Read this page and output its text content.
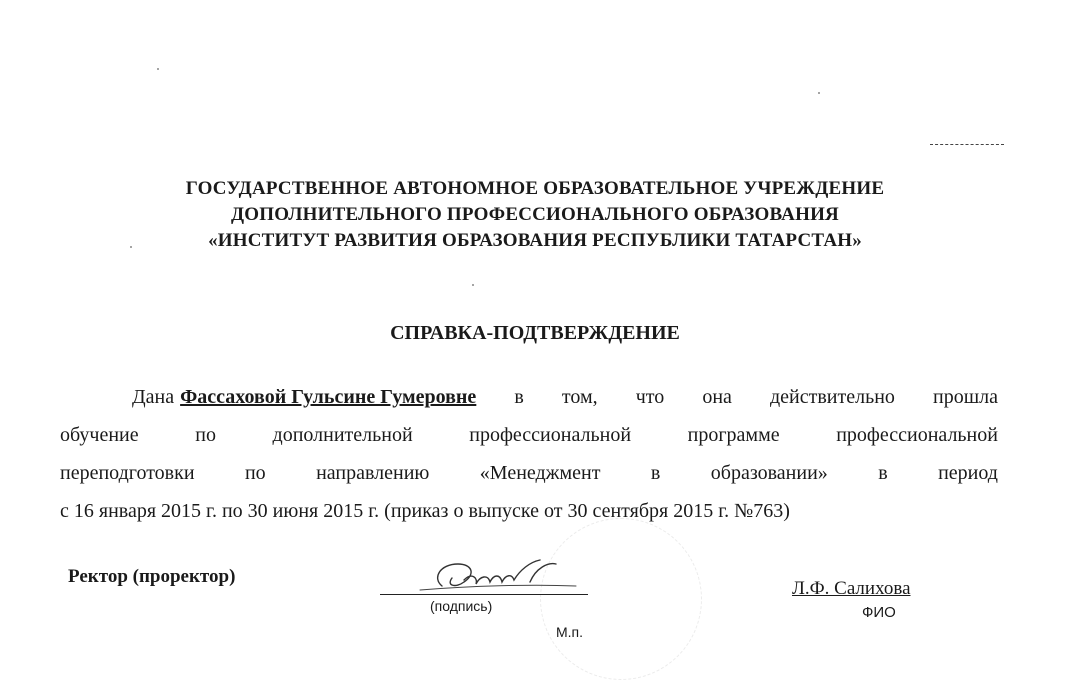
ГОСУДАРСТВЕННОЕ АВТОНОМНОЕ ОБРАЗОВАТЕЛЬНОЕ УЧРЕЖДЕНИЕ
ДОПОЛНИТЕЛЬНОГО ПРОФЕССИОНАЛЬНОГО ОБРАЗОВАНИЯ
«ИНСТИТУТ РАЗВИТИЯ ОБРАЗОВАНИЯ РЕСПУБЛИКИ ТАТАРСТАН»
СПРАВКА-ПОДТВЕРЖДЕНИЕ
Дана Фассаховой Гульсине Гумеровне в том, что она действительно прошла
обучение	по	дополнительной	профессиональной	программе	профессиональной
переподготовки	по	направлению	«Менеджмент	в	образовании»	в	период
с 16 января 2015 г. по 30 июня 2015 г. (приказ о выпуске от 30 сентября 2015 г. №763)
Ректор (проректор)
(подпись)
М.п.
Л.Ф. Салихова
ФИО
